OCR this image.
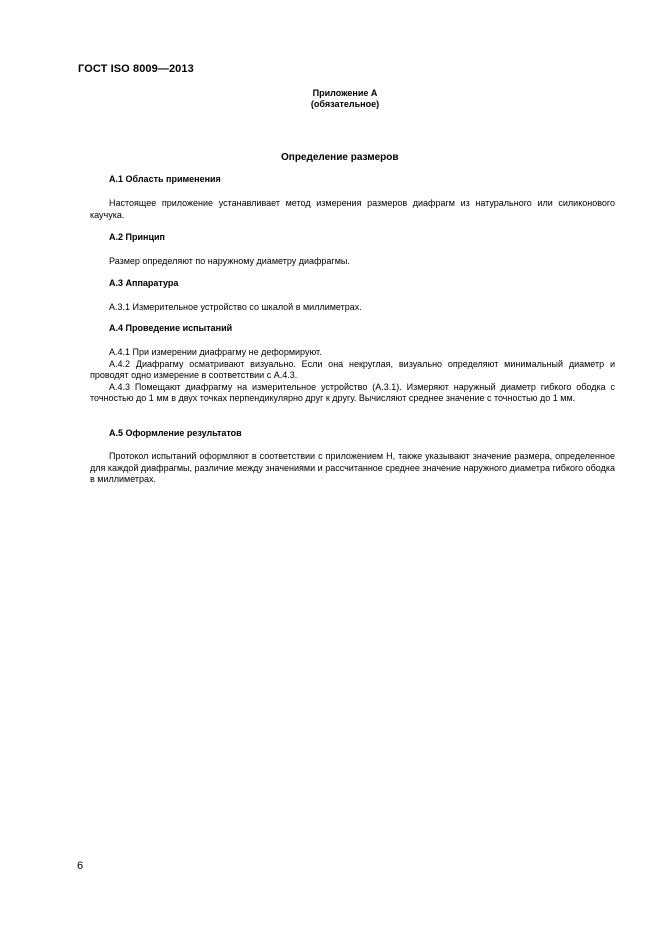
ГОСТ ISO 8009—2013
Приложение А
(обязательное)
Определение размеров
А.1 Область применения
Настоящее приложение устанавливает метод измерения размеров диафрагм из натурального или силиконового каучука.
А.2 Принцип
Размер определяют по наружному диаметру диафрагмы.
А.3 Аппаратура
А.3.1 Измерительное устройство со шкалой в миллиметрах.
А.4 Проведение испытаний
А.4.1 При измерении диафрагму не деформируют.
А.4.2 Диафрагму осматривают визуально. Если она некруглая, визуально определяют минимальный диаметр и проводят одно измерение в соответствии с А.4.3.
А.4.3 Помещают диафрагму на измерительное устройство (А.3.1). Измеряют наружный диаметр гибкого ободка с точностью до 1 мм в двух точках перпендикулярно друг к другу. Вычисляют среднее значение с точностью до 1 мм.
А.5 Оформление результатов
Протокол испытаний оформляют в соответствии с приложением Н, также указывают значение размера, определенное для каждой диафрагмы, различие между значениями и рассчитанное среднее значение наружного диаметра гибкого ободка в миллиметрах.
6
